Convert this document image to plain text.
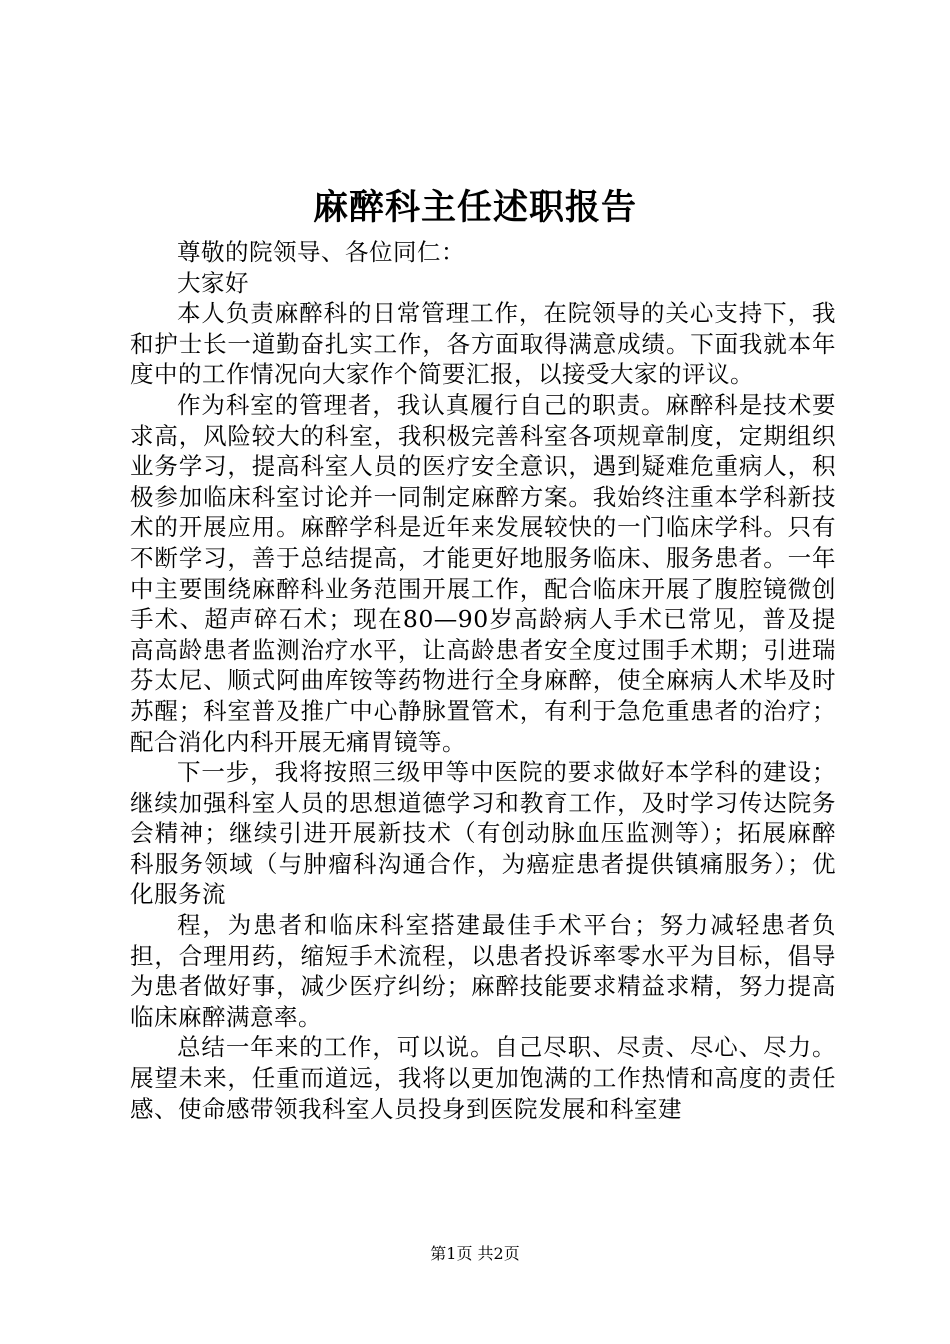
麻醉科主任述职报告

尊敬的院领导、各位同仁：

大家好

本人负责麻醉科的日常管理工作，在院领导的关心支持下，我和护士长一道勤奋扎实工作，各方面取得满意成绩。下面我就本年度中的工作情况向大家作个简要汇报，以接受大家的评议。

作为科室的管理者，我认真履行自己的职责。麻醉科是技术要求高，风险较大的科室，我积极完善科室各项规章制度，定期组织业务学习，提高科室人员的医疗安全意识，遇到疑难危重病人，积极参加临床科室讨论并一同制定麻醉方案。我始终注重本学科新技术的开展应用。麻醉学科是近年来发展较快的一门临床学科。只有不断学习，善于总结提高，才能更好地服务临床、服务患者。一年中主要围绕麻醉科业务范围开展工作，配合临床开展了腹腔镜微创手术、超声碎石术；现在80—90岁高龄病人手术已常见，普及提高高龄患者监测治疗水平，让高龄患者安全度过围手术期；引进瑞芬太尼、顺式阿曲库铵等药物进行全身麻醉，使全麻病人术毕及时苏醒；科室普及推广中心静脉置管术，有利于急危重患者的治疗；配合消化内科开展无痛胃镜等。

下一步，我将按照三级甲等中医院的要求做好本学科的建设；继续加强科室人员的思想道德学习和教育工作，及时学习传达院务会精神；继续引进开展新技术（有创动脉血压监测等）；拓展麻醉科服务领域（与肿瘤科沟通合作，为癌症患者提供镇痛服务）；优化服务流

程，为患者和临床科室搭建最佳手术平台；努力减轻患者负担，合理用药，缩短手术流程，以患者投诉率零水平为目标，倡导为患者做好事，减少医疗纠纷；麻醉技能要求精益求精，努力提高临床麻醉满意率。

总结一年来的工作，可以说。自己尽职、尽责、尽心、尽力。展望未来，任重而道远，我将以更加饱满的工作热情和高度的责任感、使命感带领我科室人员投身到医院发展和科室建

第1页 共2页
